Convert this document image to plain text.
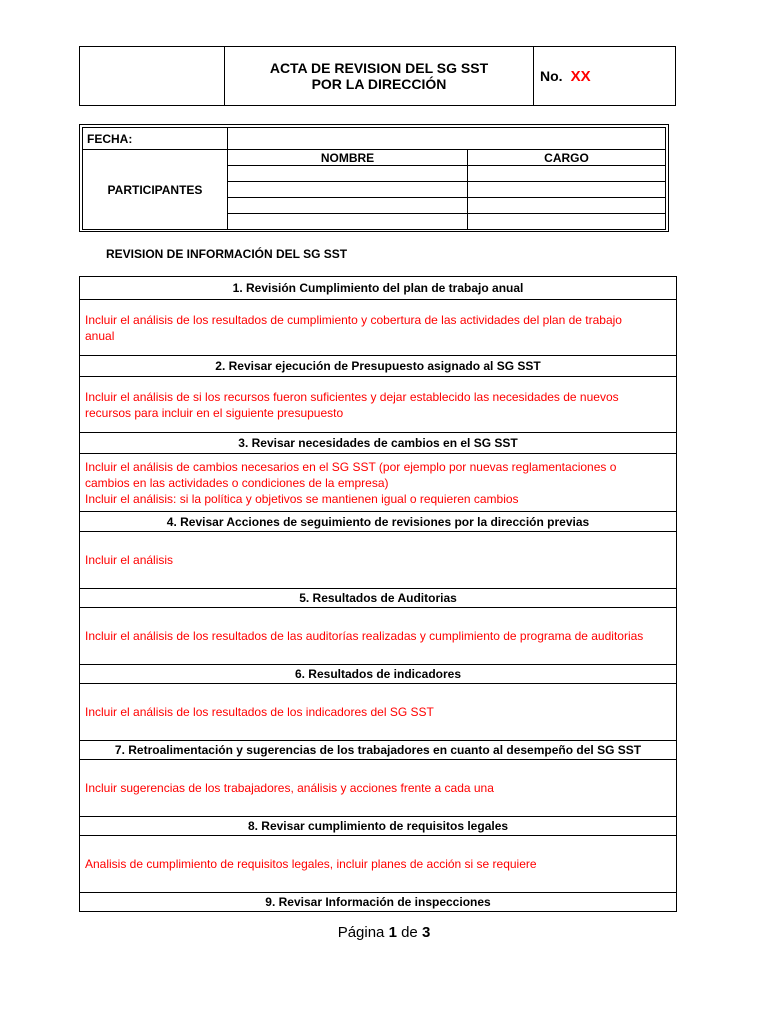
ACTA DE REVISION DEL SG SST
POR LA DIRECCIÓN	No. XX
FECHA:		
PARTICIPANTES	NOMBRE	CARGO

REVISION DE INFORMACIÓN DEL SG SST
1. Revisión Cumplimiento del plan de trabajo anual

Incluir el análisis de los resultados de cumplimiento y cobertura de las actividades del plan de trabajo
anual

2. Revisar ejecución de Presupuesto asignado al SG SST

Incluir el análisis de si los recursos fueron suficientes y dejar establecido las necesidades de nuevos
recursos para incluir en el siguiente presupuesto

3. Revisar necesidades de cambios en el SG SST

Incluir el análisis de cambios necesarios en el SG SST (por ejemplo por nuevas reglamentaciones o
cambios en las actividades o condiciones de la empresa)
Incluir el análisis: si la política y objetivos se mantienen igual o requieren cambios

4. Revisar Acciones de seguimiento de revisiones por la dirección previas

Incluir el análisis

5. Resultados de Auditorias

Incluir el análisis de los resultados de las auditorías realizadas y cumplimiento de programa de auditorias

6. Resultados de indicadores

Incluir el análisis de los resultados de los indicadores del SG SST

7. Retroalimentación y sugerencias de los trabajadores en cuanto al desempeño del SG SST

Incluir sugerencias de los trabajadores, análisis y acciones frente a cada una

8. Revisar cumplimiento de requisitos legales

Analisis de cumplimiento de requisitos legales, incluir planes de acción si se requiere

9. Revisar Información de inspecciones
Página 1 de 3
